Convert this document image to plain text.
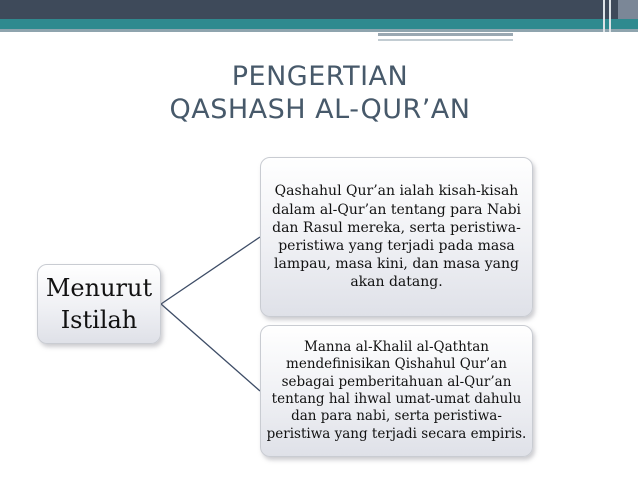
PENGERTIAN
QASHASH AL-QUR’AN
Menurut
Istilah
Qashahul Qur’an ialah kisah-kisah dalam al-Qur’an tentang para Nabi dan Rasul mereka, serta peristiwa-peristiwa yang terjadi pada masa lampau, masa kini, dan masa yang akan datang.
Manna al-Khalil al-Qathtan mendefinisikan Qishahul Qur’an sebagai pemberitahuan al-Qur’an tentang hal ihwal umat-umat dahulu dan para nabi, serta peristiwa-peristiwa yang terjadi secara empiris.
